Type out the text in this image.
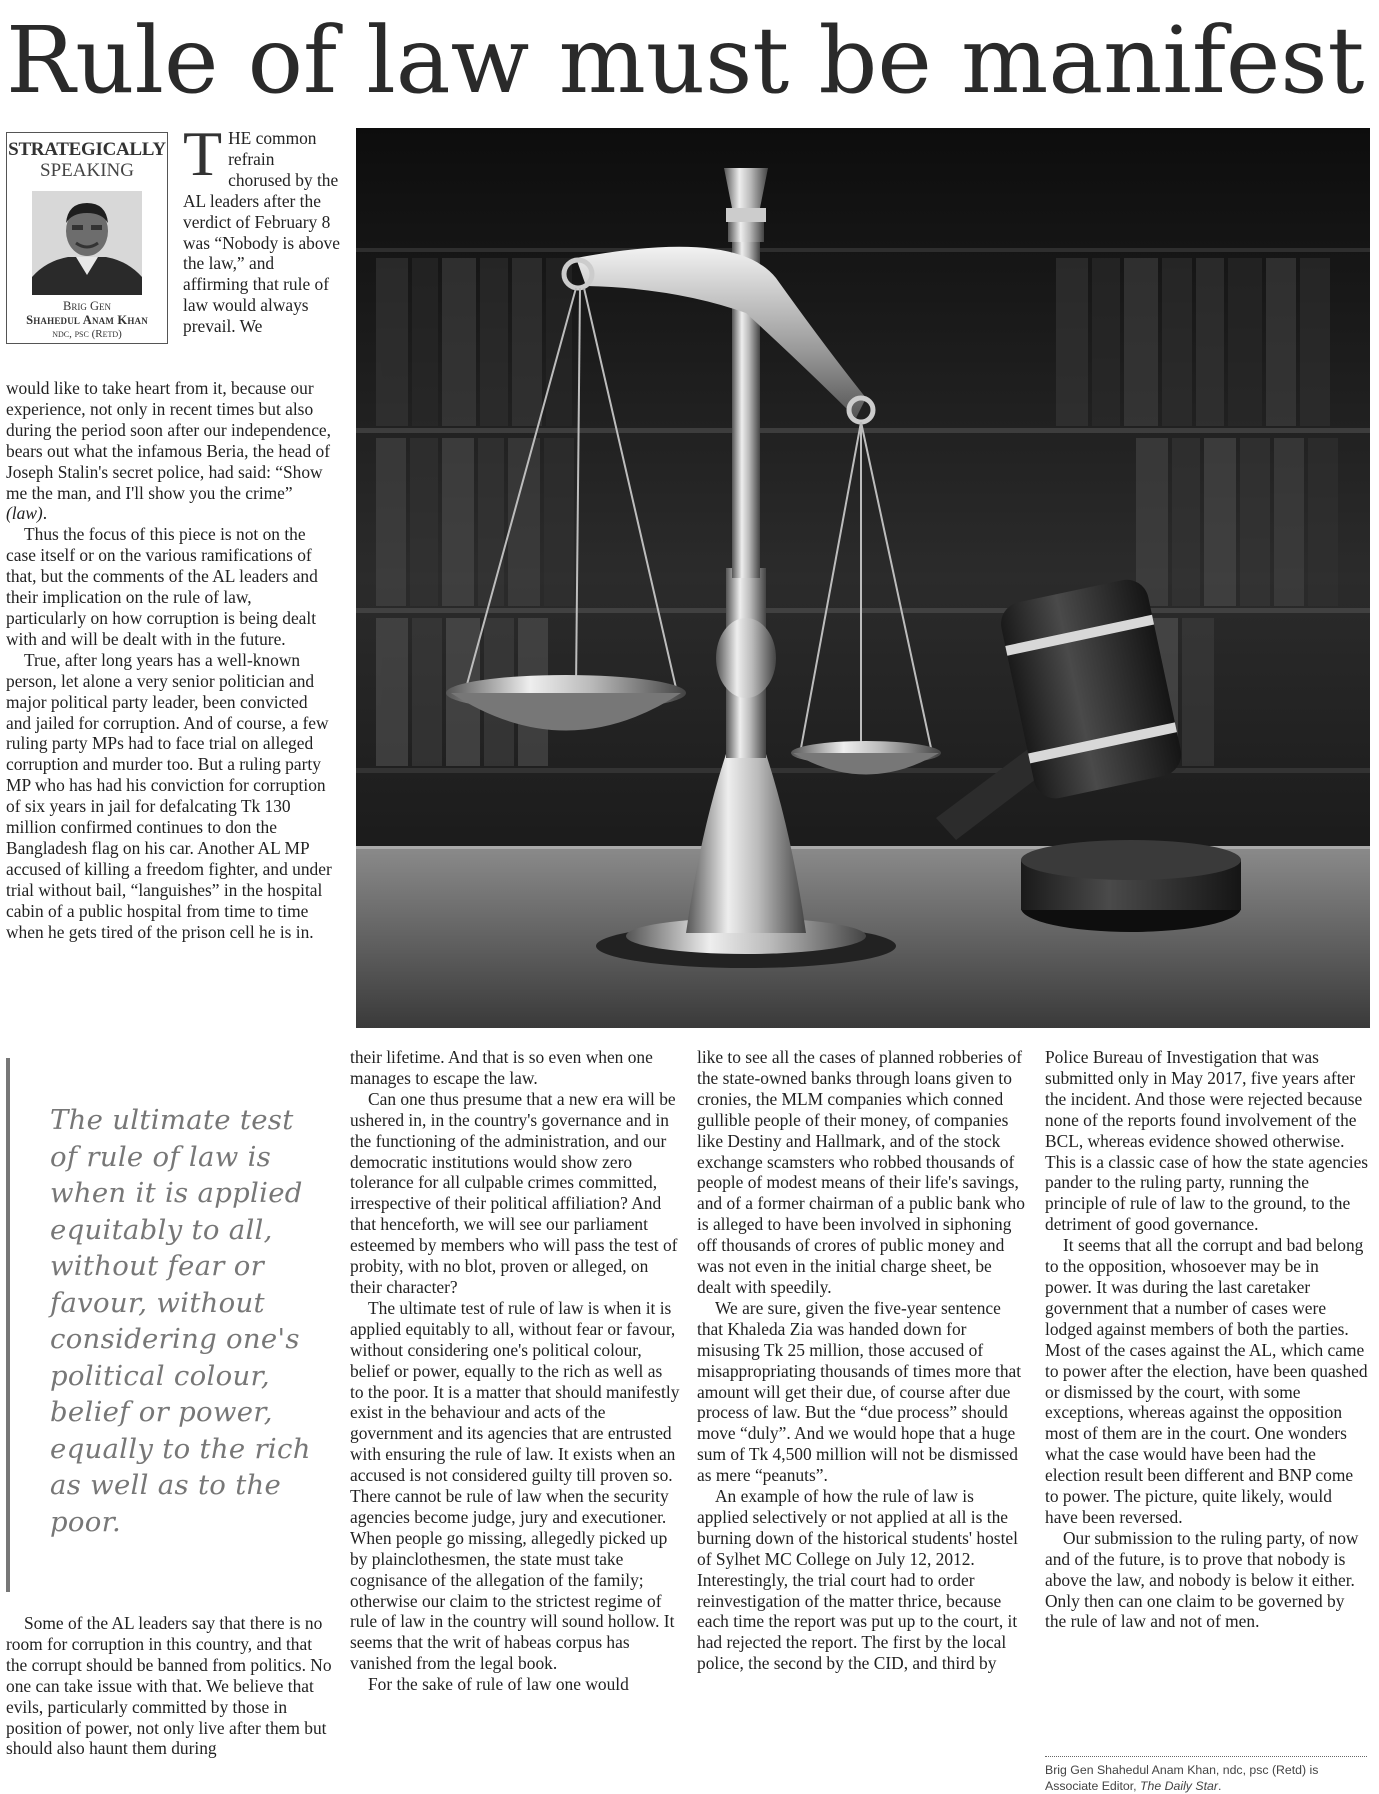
Rule of law must be manifest
STRATEGICALLY
SPEAKING
Brig Gen
Shahedul Anam Khan
ndc, psc (Retd)
THE common refrain chorused by the AL leaders after the verdict of February 8 was “Nobody is above the law,” and affirming that rule of law would always prevail. We

would like to take heart from it, because our experience, not only in recent times but also during the period soon after our independence, bears out what the infamous Beria, the head of Joseph Stalin's secret police, had said: “Show me the man, and I'll show you the crime” (law).

Thus the focus of this piece is not on the case itself or on the various ramifications of that, but the comments of the AL leaders and their implication on the rule of law, particularly on how corruption is being dealt with and will be dealt with in the future.

True, after long years has a well-known person, let alone a very senior politician and major political party leader, been convicted and jailed for corruption. And of course, a few ruling party MPs had to face trial on alleged corruption and murder too. But a ruling party MP who has had his conviction for corruption of six years in jail for defalcating Tk 130 million confirmed continues to don the Bangladesh flag on his car. Another AL MP accused of killing a freedom fighter, and under trial without bail, “languishes” in the hospital cabin of a public hospital from time to time when he gets tired of the prison cell he is in.

The ultimate test of rule of law is when it is applied equitably to all, without fear or favour, without considering one's political colour, belief or power, equally to the rich as well as to the poor.

Some of the AL leaders say that there is no room for corruption in this country, and that the corrupt should be banned from politics. No one can take issue with that. We believe that evils, particularly committed by those in position of power, not only live after them but should also haunt them during

their lifetime. And that is so even when one manages to escape the law.

Can one thus presume that a new era will be ushered in, in the country's governance and in the functioning of the administration, and our democratic institutions would show zero tolerance for all culpable crimes committed, irrespective of their political affiliation? And that henceforth, we will see our parliament esteemed by members who will pass the test of probity, with no blot, proven or alleged, on their character?

The ultimate test of rule of law is when it is applied equitably to all, without fear or favour, without considering one's political colour, belief or power, equally to the rich as well as to the poor. It is a matter that should manifestly exist in the behaviour and acts of the government and its agencies that are entrusted with ensuring the rule of law. It exists when an accused is not considered guilty till proven so. There cannot be rule of law when the security agencies become judge, jury and executioner. When people go missing, allegedly picked up by plainclothesmen, the state must take cognisance of the allegation of the family; otherwise our claim to the strictest regime of rule of law in the country will sound hollow. It seems that the writ of habeas corpus has vanished from the legal book.

For the sake of rule of law one would

like to see all the cases of planned robberies of the state-owned banks through loans given to cronies, the MLM companies which conned gullible people of their money, of companies like Destiny and Hallmark, and of the stock exchange scamsters who robbed thousands of people of modest means of their life's savings, and of a former chairman of a public bank who is alleged to have been involved in siphoning off thousands of crores of public money and was not even in the initial charge sheet, be dealt with speedily.

We are sure, given the five-year sentence that Khaleda Zia was handed down for misusing Tk 25 million, those accused of misappropriating thousands of times more that amount will get their due, of course after due process of law. But the “due process” should move “duly”. And we would hope that a huge sum of Tk 4,500 million will not be dismissed as mere “peanuts”.

An example of how the rule of law is applied selectively or not applied at all is the burning down of the historical students' hostel of Sylhet MC College on July 12, 2012. Interestingly, the trial court had to order reinvestigation of the matter thrice, because each time the report was put up to the court, it had rejected the report. The first by the local police, the second by the CID, and third by

Police Bureau of Investigation that was submitted only in May 2017, five years after the incident. And those were rejected because none of the reports found involvement of the BCL, whereas evidence showed otherwise. This is a classic case of how the state agencies pander to the ruling party, running the principle of rule of law to the ground, to the detriment of good governance.

It seems that all the corrupt and bad belong to the opposition, whosoever may be in power. It was during the last caretaker government that a number of cases were lodged against members of both the parties. Most of the cases against the AL, which came to power after the election, have been quashed or dismissed by the court, with some exceptions, whereas against the opposition most of them are in the court. One wonders what the case would have been had the election result been different and BNP come to power. The picture, quite likely, would have been reversed.

Our submission to the ruling party, of now and of the future, is to prove that nobody is above the law, and nobody is below it either. Only then can one claim to be governed by the rule of law and not of men.

Brig Gen Shahedul Anam Khan, ndc, psc (Retd) is Associate Editor, The Daily Star.
